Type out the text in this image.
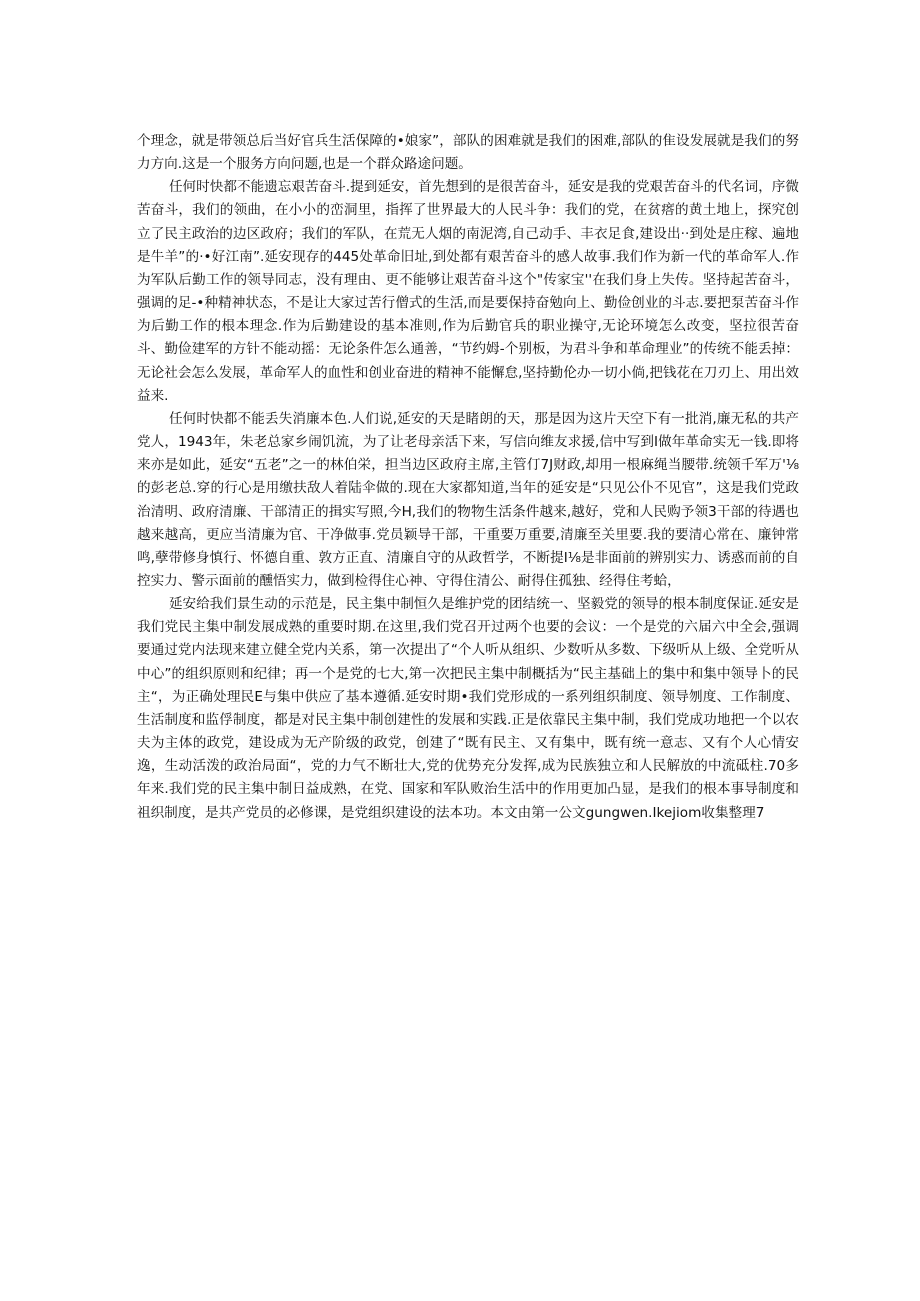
个理念，就是带领总后当好官兵生活保障的•娘家”，部队的困难就是我们的困难,部队的隹设发展就是我们的努力方向.这是一个服务方向问题,也是一个群众路途问题。

任何时快都不能遗忘艰苦奋斗.提到延安，首先想到的是很苦奋斗，延安是我的党艰苦奋斗的代名词，序微苦奋斗，我们的领曲，在小小的峦洞里，指挥了世界最大的人民斗争：我们的党，在贫瘩的黄土地上，探究创立了民主政治的边区政府；我们的军队，在荒无人烟的南泥湾,自己动手、丰衣足食,建设出··到处是庄稼、遍地是牛羊”的·•好江南”.延安现存的445处革命旧址,到处都有艰苦奋斗的感人故事.我们作为新一代的革命军人.作为军队后勤工作的领导同志，没有理由、更不能够让艰苦奋斗这个"传家宝''在我们身上失传。坚持起苦奋斗，强调的足-•种精神状态，不是让大家过苦行僧式的生活,而是要保持奋勉向上、勤俭创业的斗志.要把泵苦奋斗作为后勤工作的根本理念.作为后勤建设的基本准则,作为后勤官兵的职业操守,无论环境怎么改变，坚拉很苦奋斗、勤俭建军的方针不能动摇：无论条件怎么通善，“节约姆-个别板，为君斗争和革命理业”的传统不能丢掉：无论社会怎么发展，革命军人的血性和创业奋进的精神不能懈怠,坚持勤伦办一切小倘,把钱花在刀刃上、用出效益来.

任何时快都不能丢失消廉本色.人们说,延安的天是睹朗的天，那是因为这片天空下有一批消,廉无私的共产党人，1943年，朱老总家乡闹饥流，为了让老母亲活下来，写信向维友求援,信中写到I做年革命实无一钱.即将来亦是如此，延安“五老”之一的林伯栄，担当边区政府主席,主管仃7J财政,却用一根麻绳当腰带.统领千军万'⅛的彭老总.穿的行心是用缴扶敌人着陆伞做的.现在大家都知道,当年的延安是“只见公仆不见官”，这是我们党政治清明、政府清廉、干部清正的揖实写照,今H,我们的物物生活条件越来,越好，党和人民购予领3干部的待遇也越来越高，更应当清廉为官、干净做事.党员颖导干部，干重要万重要,清廉至关里要.我的要清心常在、廉钟常鸣,孽带修身慎行、怀德自重、敦方正直、清廉自守的从政哲学，不断提I⅛是非面前的辨别实力、诱惑而前的自控实力、警示面前的醺悟实力，做到检得住心神、守得住清公、耐得住孤独、经得住考蛤，

延安给我们景生动的示范是，民主集中制恒久是维护党的团结统一、坚毅党的领导的根本制度保证.延安是我们党民主集中制发展成熟的重要时期.在这里,我们党召开过两个也要的会议：一个是党的六届六中全会,强调要通过党内法现来建立健全党内关系，第一次提出了“个人听从组织、少数听从多数、下级听从上级、全党听从中心”的组织原则和纪律；再一个是党的七大,第一次把民主集中制概括为“民主基础上的集中和集中领导卜的民主“，为正确处理民E与集中供应了基本遵循.延安时期•我们党形成的一系列组织制度、领导刎度、工作制度、生活制度和监俘制度，都是对民主集中制创建性的发展和实践.正是依靠民主集中制，我们党成功地把一个以农夫为主体的政党，建设成为无产阶级的政党，创建了“既有民主、又有集中，既有统一意志、又有个人心情安逸，生动活泼的政治局面“，党的力气不断壮大,党的优势充分发挥,成为民族独立和人民解放的中流砥柱.70多年来.我们党的民主集中制日益成熟，在党、国家和军队败治生活中的作用更加凸显，是我们的根本事导制度和祖织制度，是共产党员的必修课，是党组织建设的法本功。本文由第一公文gungwen.Ikejiom收集整理7
